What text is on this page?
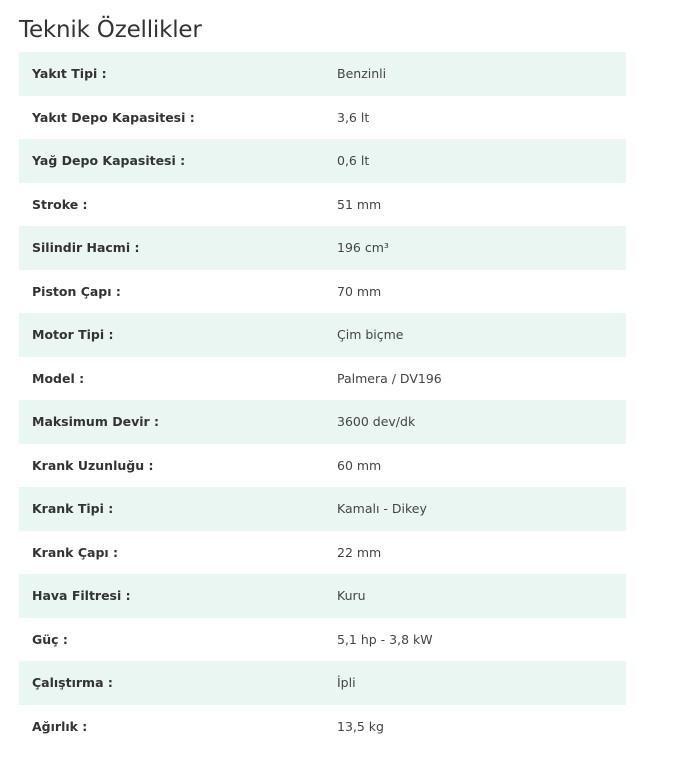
Teknik Özellikler
Yakıt Tipi :	Benzinli
Yakıt Depo Kapasitesi :	3,6 lt
Yağ Depo Kapasitesi :	0,6 lt
Stroke :	51 mm
Silindir Hacmi :	196 cm³
Piston Çapı :	70 mm
Motor Tipi :	Çim biçme
Model :	Palmera / DV196
Maksimum Devir :	3600 dev/dk
Krank Uzunluğu :	60 mm
Krank Tipi :	Kamalı - Dikey
Krank Çapı :	22 mm
Hava Filtresi :	Kuru
Güç :	5,1 hp - 3,8 kW
Çalıştırma :	İpli
Ağırlık :	13,5 kg
